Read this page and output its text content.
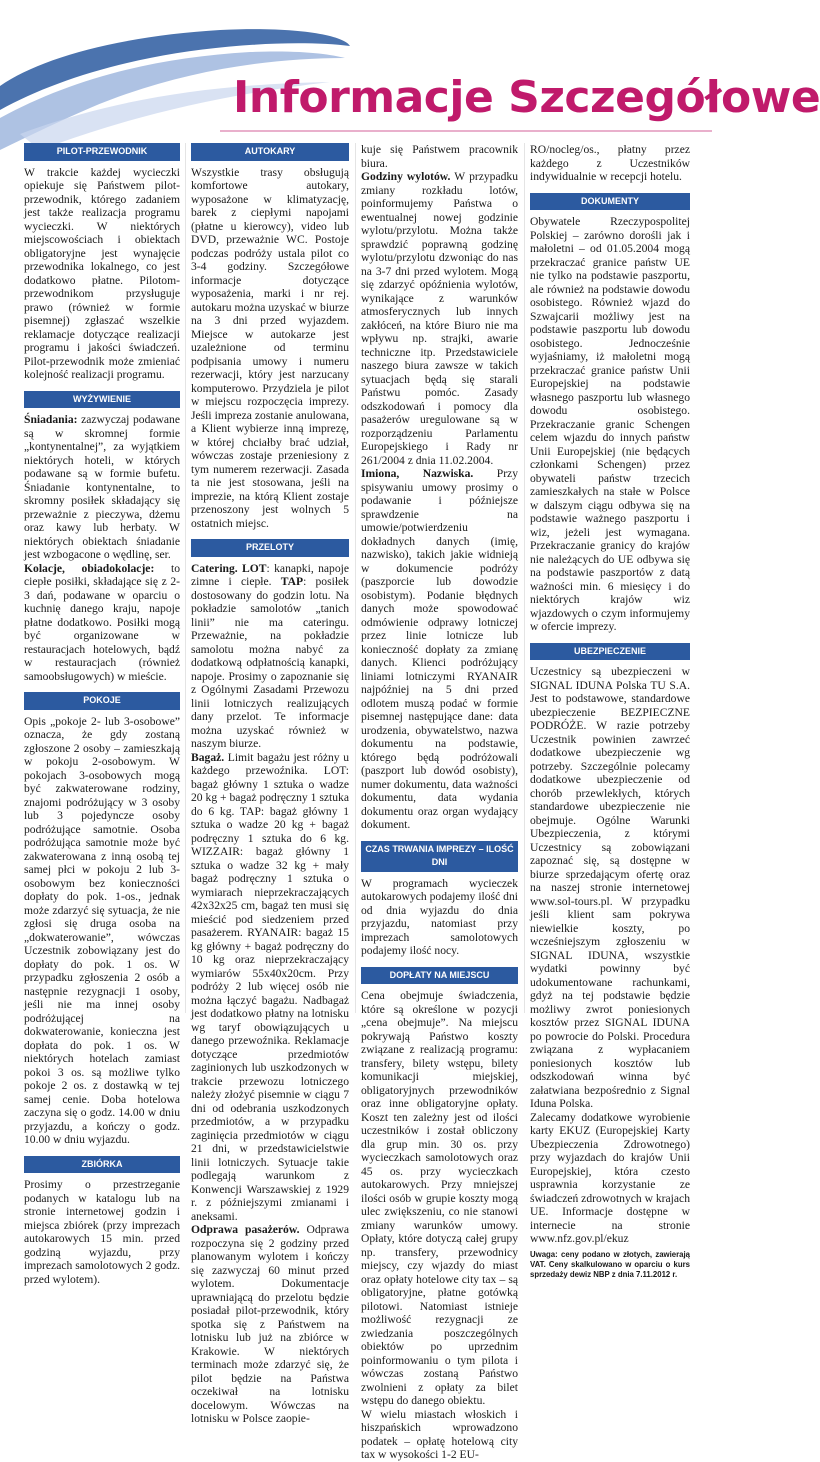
Informacje Szczegółowe
PILOT-PRZEWODNIK

W trakcie każdej wycieczki opiekuje się Państwem pilot-przewodnik, którego zadaniem jest także realizacja programu wycieczki. W niektórych miejscowościach i obiektach obligatoryjne jest wynajęcie przewodnika lokalnego, co jest dodatkowo płatne. Pilotom-przewodnikom przysługuje prawo (również w formie pisemnej) zgłaszać wszelkie reklamacje dotyczące realizacji programu i jakości świadczeń. Pilot-przewodnik może zmieniać kolejność realizacji programu.

WYŻYWIENIE

Śniadania: zazwyczaj podawane są w skromnej formie „kontynentalnej”, za wyjątkiem niektórych hoteli, w których podawane są w formie bufetu. Śniadanie kontynentalne, to skromny posiłek składający się przeważnie z pieczywa, dżemu oraz kawy lub herbaty. W niektórych obiektach śniadanie jest wzbogacone o wędlinę, ser.

Kolacje, obiadokolacje: to ciepłe posiłki, składające się z 2-3 dań, podawane w oparciu o kuchnię danego kraju, napoje płatne dodatkowo. Posiłki mogą być organizowane w restauracjach hotelowych, bądź w restauracjach (również samoobsługowych) w mieście.

POKOJE

Opis „pokoje 2- lub 3-osobowe” oznacza, że gdy zostaną zgłoszone 2 osoby – zamieszkają w pokoju 2-osobowym. W pokojach 3-osobowych mogą być zakwaterowane rodziny, znajomi podróżujący w 3 osoby lub 3 pojedyncze osoby podróżujące samotnie. Osoba podróżująca samotnie może być zakwaterowana z inną osobą tej samej płci w pokoju 2 lub 3-osobowym bez konieczności dopłaty do pok. 1-os., jednak może zdarzyć się sytuacja, że nie zgłosi się druga osoba na „dokwaterowanie”, wówczas Uczestnik zobowiązany jest do dopłaty do pok. 1 os. W przypadku zgłoszenia 2 osób a następnie rezygnacji 1 osoby, jeśli nie ma innej osoby podróżującej na dokwaterowanie, konieczna jest dopłata do pok. 1 os. W niektórych hotelach zamiast pokoi 3 os. są możliwe tylko pokoje 2 os. z dostawką w tej samej cenie. Doba hotelowa zaczyna się o godz. 14.00 w dniu przyjazdu, a kończy o godz. 10.00 w dniu wyjazdu.

ZBIÓRKA

Prosimy o przestrzeganie podanych w katalogu lub na stronie internetowej godzin i miejsca zbiórek (przy imprezach autokarowych 15 min. przed godziną wyjazdu, przy imprezach samolotowych 2 godz. przed wylotem).

AUTOKARY

Wszystkie trasy obsługują komfortowe autokary, wyposażone w klimatyzację, barek z ciepłymi napojami (płatne u kierowcy), video lub DVD, przeważnie WC. Postoje podczas podróży ustala pilot co 3-4 godziny. Szczegółowe informacje dotyczące wyposażenia, marki i nr rej. autokaru można uzyskać w biurze na 3 dni przed wyjazdem. Miejsce w autokarze jest uzależnione od terminu podpisania umowy i numeru rezerwacji, który jest narzucany komputerowo. Przydziela je pilot w miejscu rozpoczęcia imprezy. Jeśli impreza zostanie anulowana, a Klient wybierze inną imprezę, w której chciałby brać udział, wówczas zostaje przeniesiony z tym numerem rezerwacji. Zasada ta nie jest stosowana, jeśli na imprezie, na którą Klient zostaje przenoszony jest wolnych 5 ostatnich miejsc.

PRZELOTY

Catering. LOT: kanapki, napoje zimne i ciepłe. TAP: posiłek dostosowany do godzin lotu. Na pokładzie samolotów „tanich linii” nie ma cateringu. Przeważnie, na pokładzie samolotu można nabyć za dodatkową odpłatnością kanapki, napoje. Prosimy o zapoznanie się z Ogólnymi Zasadami Przewozu linii lotniczych realizujących dany przelot. Te informacje można uzyskać również w naszym biurze.

Bagaż. Limit bagażu jest różny u każdego przewoźnika. LOT: bagaż główny 1 sztuka o wadze 20 kg + bagaż podręczny 1 sztuka do 6 kg. TAP: bagaż główny 1 sztuka o wadze 20 kg + bagaż podręczny 1 sztuka do 6 kg. WIZZAIR: bagaż główny 1 sztuka o wadze 32 kg + mały bagaż podręczny 1 sztuka o wymiarach nieprzekraczających 42x32x25 cm, bagaż ten musi się mieścić pod siedzeniem przed pasażerem. RYANAIR: bagaż 15 kg główny + bagaż podręczny do 10 kg oraz nieprzekraczający wymiarów 55x40x20cm. Przy podróży 2 lub więcej osób nie można łączyć bagażu. Nadbagaż jest dodatkowo płatny na lotnisku wg taryf obowiązujących u danego przewoźnika. Reklamacje dotyczące przedmiotów zaginionych lub uszkodzonych w trakcie przewozu lotniczego należy złożyć pisemnie w ciągu 7 dni od odebrania uszkodzonych przedmiotów, a w przypadku zaginięcia przedmiotów w ciągu 21 dni, w przedstawicielstwie linii lotniczych. Sytuacje takie podlegają warunkom z Konwencji Warszawskiej z 1929 r. z późniejszymi zmianami i aneksami.

Odprawa pasażerów. Odprawa rozpoczyna się 2 godziny przed planowanym wylotem i kończy się zazwyczaj 60 minut przed wylotem. Dokumentacje uprawniającą do przelotu będzie posiadał pilot-przewodnik, który spotka się z Państwem na lotnisku lub już na zbiórce w Krakowie. W niektórych terminach może zdarzyć się, że pilot będzie na Państwa oczekiwał na lotnisku docelowym. Wówczas na lotnisku w Polsce zaopie-

kuje się Państwem pracownik biura.

Godziny wylotów. W przypadku zmiany rozkładu lotów, poinformujemy Państwa o ewentualnej nowej godzinie wylotu/przylotu. Można także sprawdzić poprawną godzinę wylotu/przylotu dzwoniąc do nas na 3-7 dni przed wylotem. Mogą się zdarzyć opóźnienia wylotów, wynikające z warunków atmosferycznych lub innych zakłóceń, na które Biuro nie ma wpływu np. strajki, awarie techniczne itp. Przedstawiciele naszego biura zawsze w takich sytuacjach będą się starali Państwu pomóc. Zasady odszkodowań i pomocy dla pasażerów uregulowane są w rozporządzeniu Parlamentu Europejskiego i Rady nr 261/2004 z dnia 11.02.2004.

Imiona, Nazwiska. Przy spisywaniu umowy prosimy o podawanie i późniejsze sprawdzenie na umowie/potwierdzeniu dokładnych danych (imię, nazwisko), takich jakie widnieją w dokumencie podróży (paszporcie lub dowodzie osobistym). Podanie błędnych danych może spowodować odmówienie odprawy lotniczej przez linie lotnicze lub konieczność dopłaty za zmianę danych. Klienci podróżujący liniami lotniczymi RYANAIR najpóźniej na 5 dni przed odlotem muszą podać w formie pisemnej następujące dane: data urodzenia, obywatelstwo, nazwa dokumentu na podstawie, którego będą podróżowali (paszport lub dowód osobisty), numer dokumentu, data ważności dokumentu, data wydania dokumentu oraz organ wydający dokument.

CZAS TRWANIA IMPREZY – ILOŚĆ DNI

W programach wycieczek autokarowych podajemy ilość dni od dnia wyjazdu do dnia przyjazdu, natomiast przy imprezach samolotowych podajemy ilość nocy.

DOPŁATY NA MIEJSCU

Cena obejmuje świadczenia, które są określone w pozycji „cena obejmuje”. Na miejscu pokrywają Państwo koszty związane z realizacją programu: transfery, bilety wstępu, bilety komunikacji miejskiej, obligatoryjnych przewodników oraz inne obligatoryjne opłaty. Koszt ten zależny jest od ilości uczestników i został obliczony dla grup min. 30 os. przy wycieczkach samolotowych oraz 45 os. przy wycieczkach autokarowych. Przy mniejszej ilości osób w grupie koszty mogą ulec zwiększeniu, co nie stanowi zmiany warunków umowy. Opłaty, które dotyczą całej grupy np. transfery, przewodnicy miejscy, czy wjazdy do miast oraz opłaty hotelowe city tax – są obligatoryjne, płatne gotówką pilotowi. Natomiast istnieje możliwość rezygnacji ze zwiedzania poszczególnych obiektów po uprzednim poinformowaniu o tym pilota i wówczas zostaną Państwo zwolnieni z opłaty za bilet wstępu do danego obiektu.

W wielu miastach włoskich i hiszpańskich wprowadzono podatek – opłatę hotelową city tax w wysokości 1-2 EU-

RO/nocleg/os., płatny przez każdego z Uczestników indywidualnie w recepcji hotelu.

DOKUMENTY

Obywatele Rzeczypospolitej Polskiej – zarówno dorośli jak i małoletni – od 01.05.2004 mogą przekraczać granice państw UE nie tylko na podstawie paszportu, ale również na podstawie dowodu osobistego. Również wjazd do Szwajcarii możliwy jest na podstawie paszportu lub dowodu osobistego. Jednocześnie wyjaśniamy, iż małoletni mogą przekraczać granice państw Unii Europejskiej na podstawie własnego paszportu lub własnego dowodu osobistego. Przekraczanie granic Schengen celem wjazdu do innych państw Unii Europejskiej (nie będących członkami Schengen) przez obywateli państw trzecich zamieszkałych na stałe w Polsce w dalszym ciągu odbywa się na podstawie ważnego paszportu i wiz, jeżeli jest wymagana. Przekraczanie granicy do krajów nie należących do UE odbywa się na podstawie paszportów z datą ważności min. 6 miesięcy i do niektórych krajów wiz wjazdowych o czym informujemy w ofercie imprezy.

UBEZPIECZENIE

Uczestnicy są ubezpieczeni w SIGNAL IDUNA Polska TU S.A. Jest to podstawowe, standardowe ubezpieczenie BEZPIECZNE PODRÓŻE. W razie potrzeby Uczestnik powinien zawrzeć dodatkowe ubezpieczenie wg potrzeby. Szczególnie polecamy dodatkowe ubezpieczenie od chorób przewlekłych, których standardowe ubezpieczenie nie obejmuje. Ogólne Warunki Ubezpieczenia, z którymi Uczestnicy są zobowiązani zapoznać się, są dostępne w biurze sprzedającym ofertę oraz na naszej stronie internetowej www.sol-tours.pl. W przypadku jeśli klient sam pokrywa niewielkie koszty, po wcześniejszym zgłoszeniu w SIGNAL IDUNA, wszystkie wydatki powinny być udokumentowane rachunkami, gdyż na tej podstawie będzie możliwy zwrot poniesionych kosztów przez SIGNAL IDUNA po powrocie do Polski. Procedura związana z wypłacaniem poniesionych kosztów lub odszkodowań winna być załatwiana bezpośrednio z Signal Iduna Polska.

Zalecamy dodatkowe wyrobienie karty EKUZ (Europejskiej Karty Ubezpieczenia Zdrowotnego) przy wyjazdach do krajów Unii Europejskiej, która czesto usprawnia korzystanie ze świadczeń zdrowotnych w krajach UE. Informacje dostępne w internecie na stronie www.nfz.gov.pl/ekuz

Uwaga: ceny podano w złotych, zawierają VAT. Ceny skalkulowano w oparciu o kurs sprzedaży dewiz NBP z dnia 7.11.2012 r.
